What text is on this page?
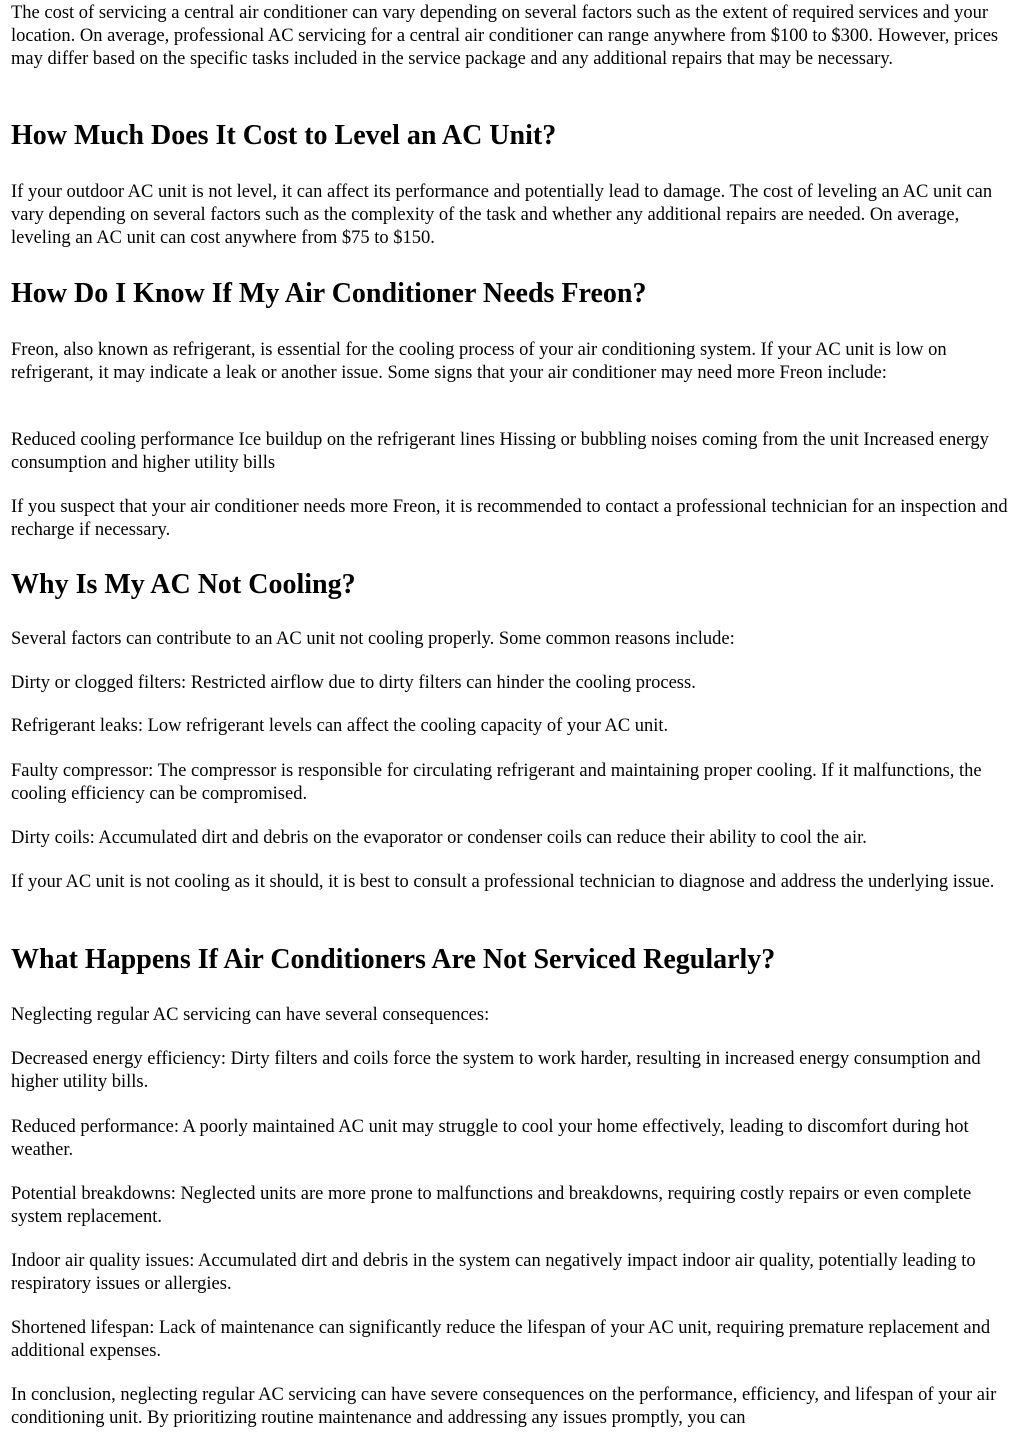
The cost of servicing a central air conditioner can vary depending on several factors such as the extent of required services and your location. On average, professional AC servicing for a central air conditioner can range anywhere from $100 to $300. However, prices may differ based on the specific tasks included in the service package and any additional repairs that may be necessary.

How Much Does It Cost to Level an AC Unit?

If your outdoor AC unit is not level, it can affect its performance and potentially lead to damage. The cost of leveling an AC unit can vary depending on several factors such as the complexity of the task and whether any additional repairs are needed. On average, leveling an AC unit can cost anywhere from $75 to $150.

How Do I Know If My Air Conditioner Needs Freon?

Freon, also known as refrigerant, is essential for the cooling process of your air conditioning system. If your AC unit is low on refrigerant, it may indicate a leak or another issue. Some signs that your air conditioner may need more Freon include:

Reduced cooling performance Ice buildup on the refrigerant lines Hissing or bubbling noises coming from the unit Increased energy consumption and higher utility bills

If you suspect that your air conditioner needs more Freon, it is recommended to contact a professional technician for an inspection and recharge if necessary.

Why Is My AC Not Cooling?

Several factors can contribute to an AC unit not cooling properly. Some common reasons include:

Dirty or clogged filters: Restricted airflow due to dirty filters can hinder the cooling process.

Refrigerant leaks: Low refrigerant levels can affect the cooling capacity of your AC unit.

Faulty compressor: The compressor is responsible for circulating refrigerant and maintaining proper cooling. If it malfunctions, the cooling efficiency can be compromised.

Dirty coils: Accumulated dirt and debris on the evaporator or condenser coils can reduce their ability to cool the air.

If your AC unit is not cooling as it should, it is best to consult a professional technician to diagnose and address the underlying issue.

What Happens If Air Conditioners Are Not Serviced Regularly?

Neglecting regular AC servicing can have several consequences:

Decreased energy efficiency: Dirty filters and coils force the system to work harder, resulting in increased energy consumption and higher utility bills.

Reduced performance: A poorly maintained AC unit may struggle to cool your home effectively, leading to discomfort during hot weather.

Potential breakdowns: Neglected units are more prone to malfunctions and breakdowns, requiring costly repairs or even complete system replacement.

Indoor air quality issues: Accumulated dirt and debris in the system can negatively impact indoor air quality, potentially leading to respiratory issues or allergies.

Shortened lifespan: Lack of maintenance can significantly reduce the lifespan of your AC unit, requiring premature replacement and additional expenses.

In conclusion, neglecting regular AC servicing can have severe consequences on the performance, efficiency, and lifespan of your air conditioning unit. By prioritizing routine maintenance and addressing any issues promptly, you can
